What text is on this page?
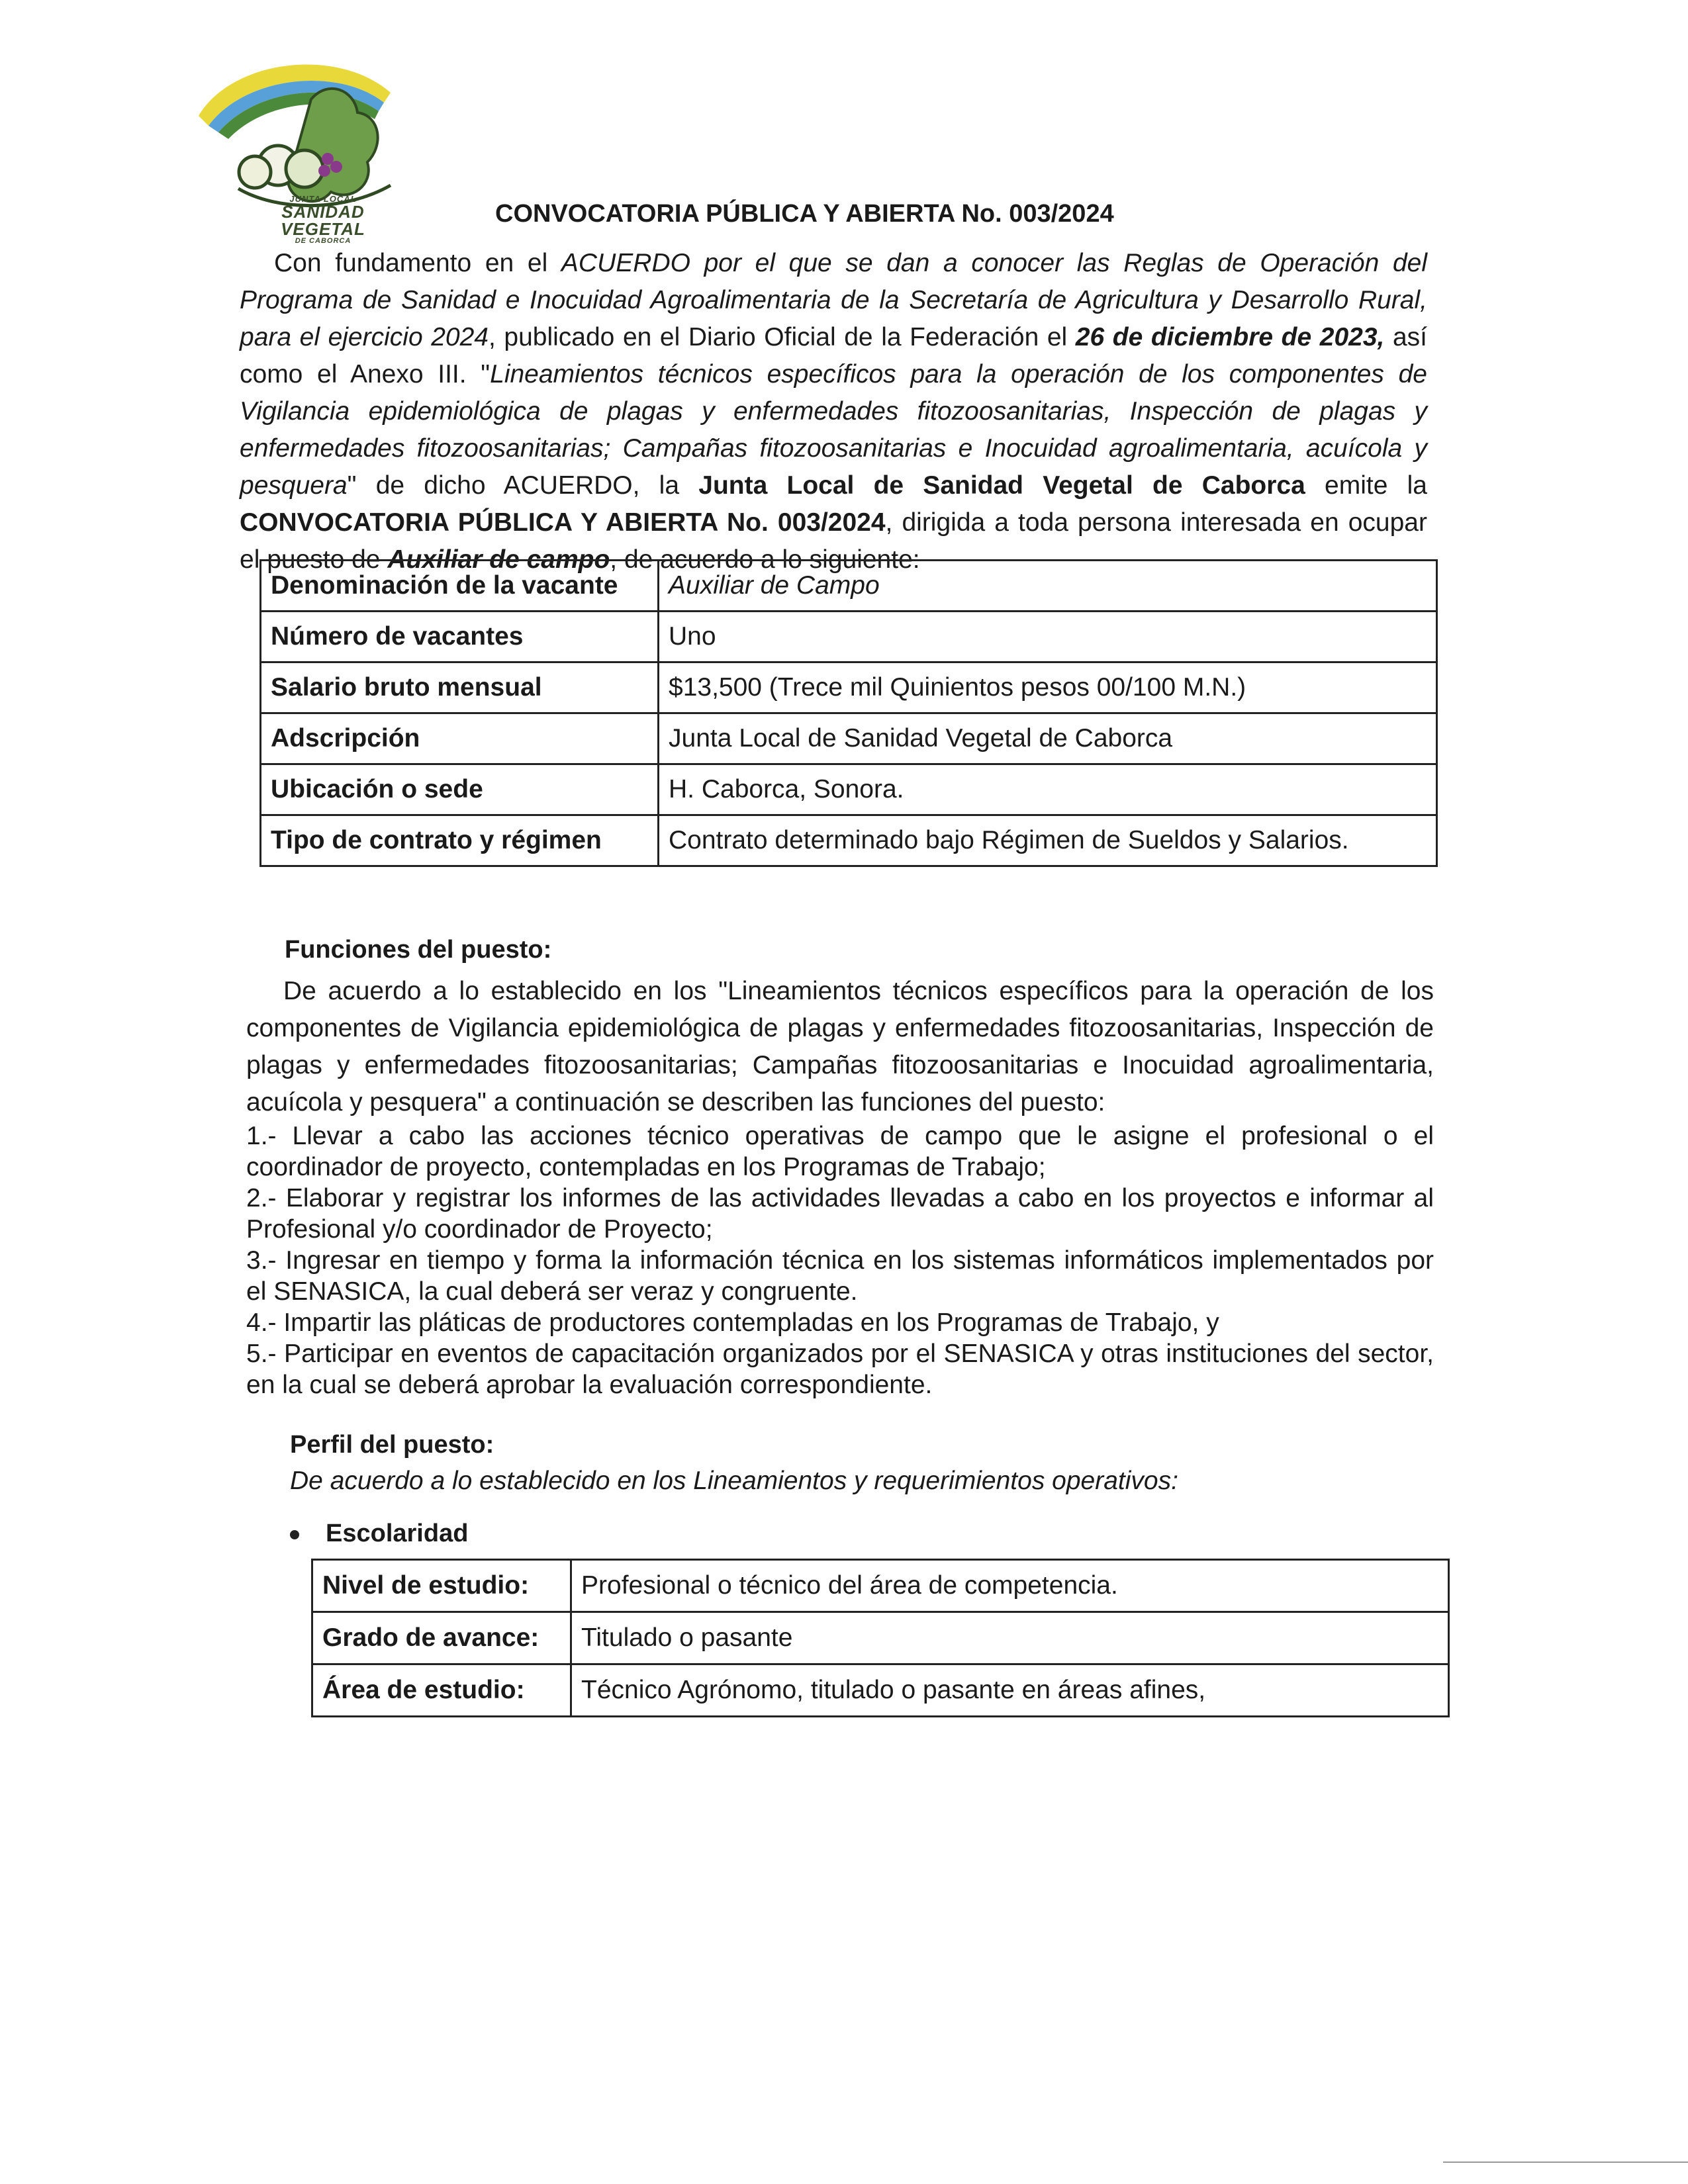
JUNTA LOCAL
SANIDAD VEGETAL
DE CABORCA
CONVOCATORIA PÚBLICA Y ABIERTA No. 003/2024

Con fundamento en el ACUERDO por el que se dan a conocer las Reglas de Operación del Programa de Sanidad e Inocuidad Agroalimentaria de la Secretaría de Agricultura y Desarrollo Rural, para el ejercicio 2024, publicado en el Diario Oficial de la Federación el 26 de diciembre de 2023, así como el Anexo III. "Lineamientos técnicos específicos para la operación de los componentes de Vigilancia epidemiológica de plagas y enfermedades fitozoosanitarias, Inspección de plagas y enfermedades fitozoosanitarias; Campañas fitozoosanitarias e Inocuidad agroalimentaria, acuícola y pesquera" de dicho ACUERDO, la Junta Local de Sanidad Vegetal de Caborca emite la CONVOCATORIA PÚBLICA Y ABIERTA No. 003/2024, dirigida a toda persona interesada en ocupar el puesto de Auxiliar de campo, de acuerdo a lo siguiente:

Denominación de la vacante	Auxiliar de Campo
Número de vacantes	Uno
Salario bruto mensual	$13,500 (Trece mil Quinientos pesos 00/100 M.N.)
Adscripción	Junta Local de Sanidad Vegetal de Caborca
Ubicación o sede	H. Caborca, Sonora.
Tipo de contrato y régimen	Contrato determinado bajo Régimen de Sueldos y Salarios.
Funciones del puesto:

De acuerdo a lo establecido en los "Lineamientos técnicos específicos para la operación de los componentes de Vigilancia epidemiológica de plagas y enfermedades fitozoosanitarias, Inspección de plagas y enfermedades fitozoosanitarias; Campañas fitozoosanitarias e Inocuidad agroalimentaria, acuícola y pesquera" a continuación se describen las funciones del puesto:

1.- Llevar a cabo las acciones técnico operativas de campo que le asigne el profesional o el coordinador de proyecto, contempladas en los Programas de Trabajo;
2.- Elaborar y registrar los informes de las actividades llevadas a cabo en los proyectos e informar al Profesional y/o coordinador de Proyecto;
3.- Ingresar en tiempo y forma la información técnica en los sistemas informáticos implementados por el SENASICA, la cual deberá ser veraz y congruente.
4.- Impartir las pláticas de productores contempladas en los Programas de Trabajo, y
5.- Participar en eventos de capacitación organizados por el SENASICA y otras instituciones del sector, en la cual se deberá aprobar la evaluación correspondiente.
Perfil del puesto:

De acuerdo a lo establecido en los Lineamientos y requerimientos operativos:

Escolaridad
Nivel de estudio:	Profesional o técnico del área de competencia.
Grado de avance:	Titulado o pasante
Área de estudio:	Técnico Agrónomo, titulado o pasante en áreas afines,
